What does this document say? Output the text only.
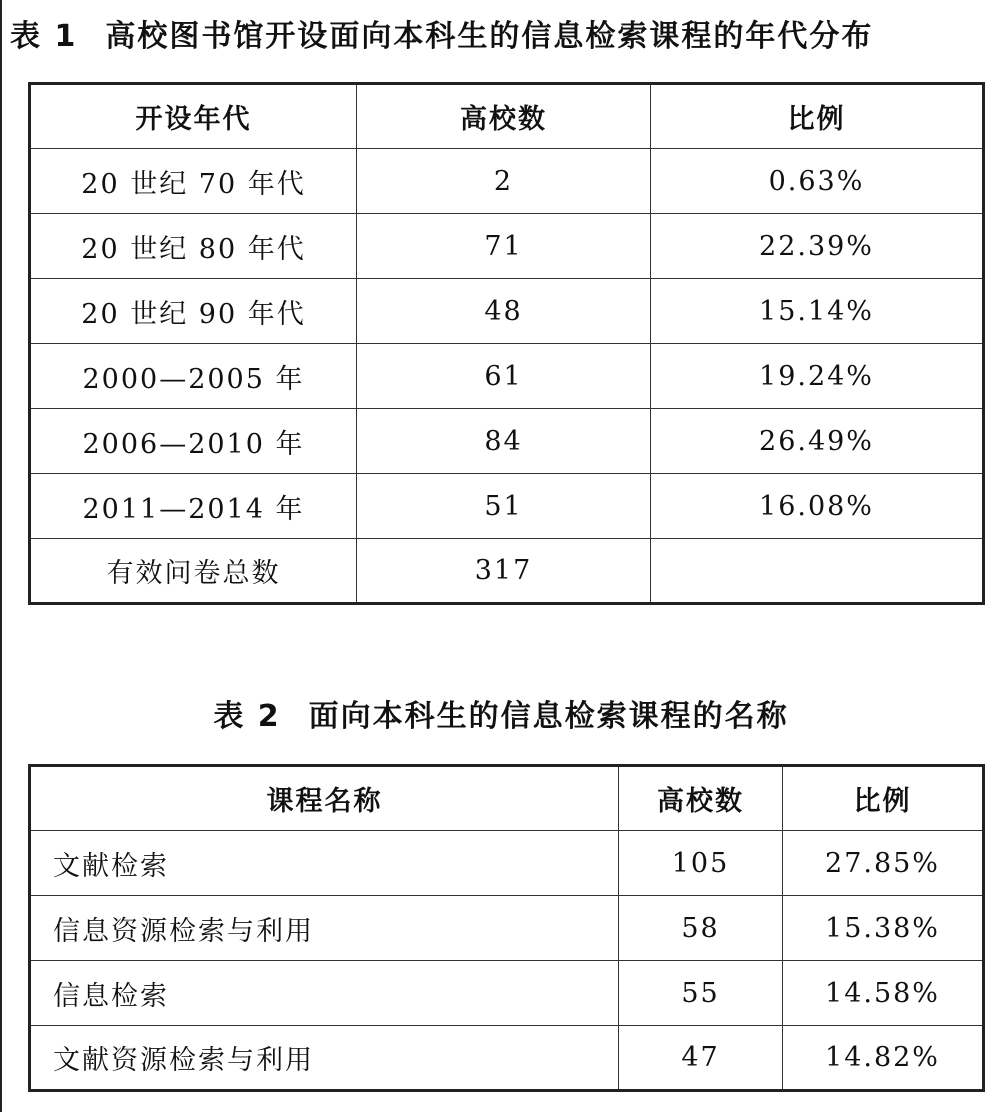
表 1 高校图书馆开设面向本科生的信息检索课程的年代分布
开设年代	高校数	比例
20 世纪 70 年代	2	0.63%
20 世纪 80 年代	71	22.39%
20 世纪 90 年代	48	15.14%
2000—2005 年	61	19.24%
2006—2010 年	84	26.49%
2011—2014 年	51	16.08%
有效问卷总数	317	
表 2 面向本科生的信息检索课程的名称
课程名称	高校数	比例
文献检索	105	27.85%
信息资源检索与利用	58	15.38%
信息检索	55	14.58%
文献资源检索与利用	47	14.82%
